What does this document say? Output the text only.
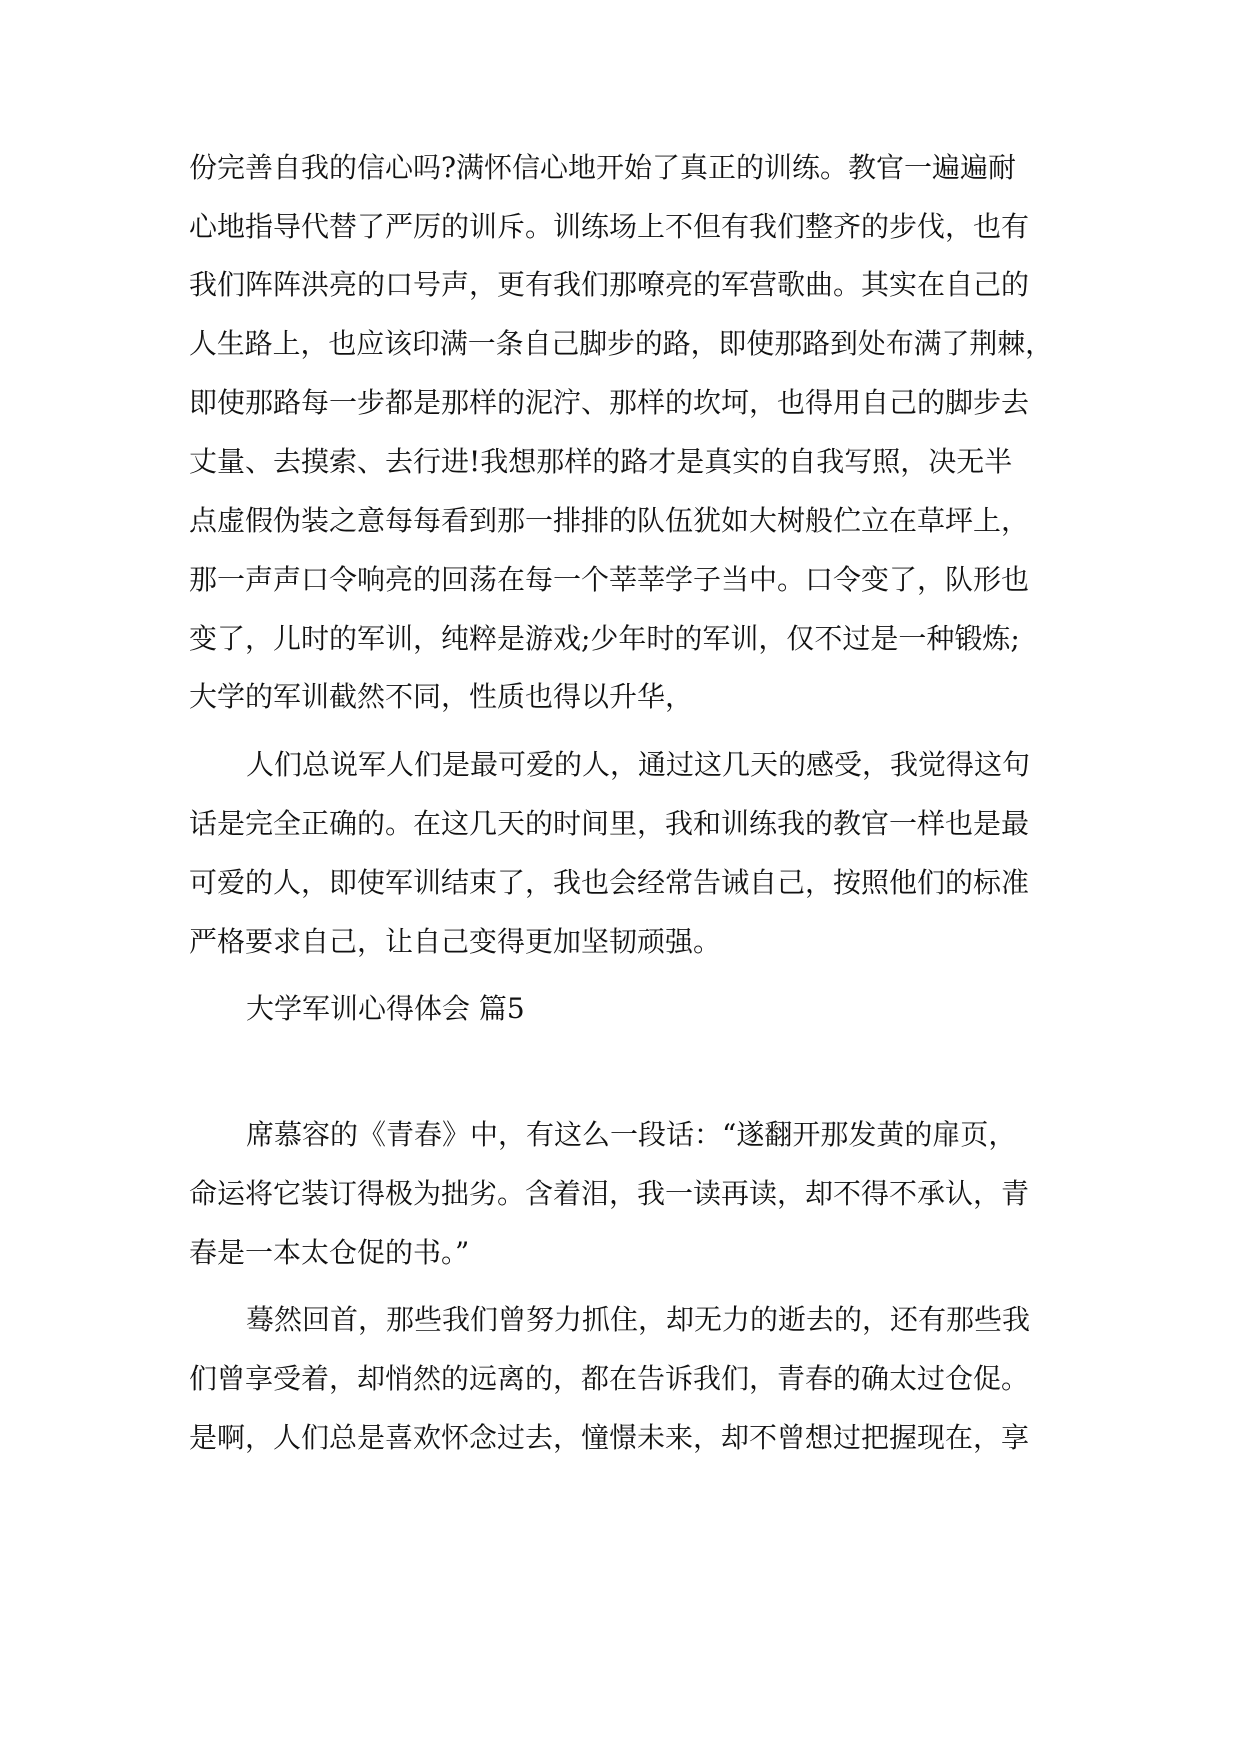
份完善自我的信心吗?满怀信心地开始了真正的训练。教官一遍遍耐

心地指导代替了严厉的训斥。训练场上不但有我们整齐的步伐，也有

我们阵阵洪亮的口号声，更有我们那嘹亮的军营歌曲。其实在自己的

人生路上，也应该印满一条自己脚步的路，即使那路到处布满了荆棘，

即使那路每一步都是那样的泥泞、那样的坎坷，也得用自己的脚步去

丈量、去摸索、去行进!我想那样的路才是真实的自我写照，决无半

点虚假伪装之意每每看到那一排排的队伍犹如大树般伫立在草坪上，

那一声声口令响亮的回荡在每一个莘莘学子当中。口令变了，队形也

变了，儿时的军训，纯粹是游戏;少年时的军训，仅不过是一种锻炼;

大学的军训截然不同，性质也得以升华，

人们总说军人们是最可爱的人，通过这几天的感受，我觉得这句

话是完全正确的。在这几天的时间里，我和训练我的教官一样也是最

可爱的人，即使军训结束了，我也会经常告诫自己，按照他们的标准

严格要求自己，让自己变得更加坚韧顽强。

大学军训心得体会 篇5

席慕容的《青春》中，有这么一段话：“遂翻开那发黄的扉页，

命运将它装订得极为拙劣。含着泪，我一读再读，却不得不承认，青

春是一本太仓促的书。”

蓦然回首，那些我们曾努力抓住，却无力的逝去的，还有那些我

们曾享受着，却悄然的远离的，都在告诉我们，青春的确太过仓促。

是啊，人们总是喜欢怀念过去，憧憬未来，却不曾想过把握现在，享
